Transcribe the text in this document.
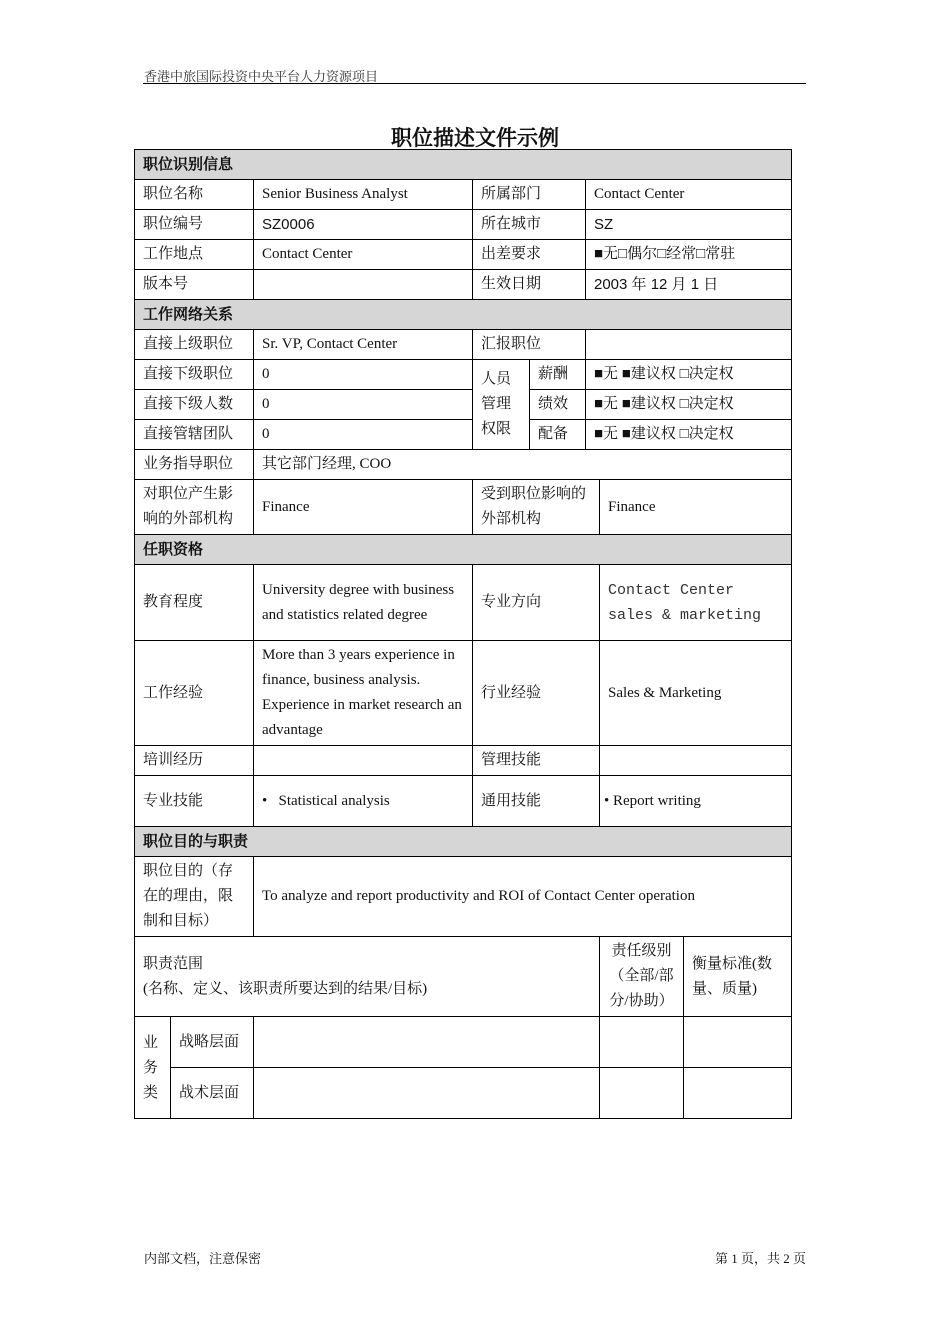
香港中旅国际投资中央平台人力资源项目
职位描述文件示例
职位识别信息							
职位名称		Senior Business Analyst	所属部门		Contact Center		
职位编号		SZ0006	所在城市		SZ		
工作地点		Contact Center	出差要求		■无□偶尔□经常□常驻		
版本号			生效日期		2003 年 12 月 1 日		
工作网络关系							
直接上级职位		Sr. VP, Contact Center	汇报职位				
直接下级职位		0	人员管理权限	薪酬	■无 ■建议权 □决定权		
直接下级人数		0		绩效	■无 ■建议权 □决定权		
直接管辖团队		0		配备	■无 ■建议权 □决定权		
业务指导职位		其它部门经理, COO					
对职位产生影响的外部机构		Finance	受到职位影响的外部机构			Finance	
任职资格							
教育程度		University degree with business and statistics related degree	专业方向			Contact Center sales & marketing	
工作经验		More than 3 years experience in finance, business analysis. Experience in market research an advantage	行业经验			Sales & Marketing	
培训经历			管理技能				
专业技能		• Statistical analysis	通用技能			• Report writing	
职位目的与职责							
职位目的（存在的理由，限制和目标）		To analyze and report productivity and ROI of Contact Center operation					

职责范围
(名称、定义、该职责所要达到的结果/目标)						责任级别（全部/部分/协助）	衡量标准(数量、质量)
业务类	战略层面						
	战术层面						
内部文档，注意保密	第 1 页，共 2 页
